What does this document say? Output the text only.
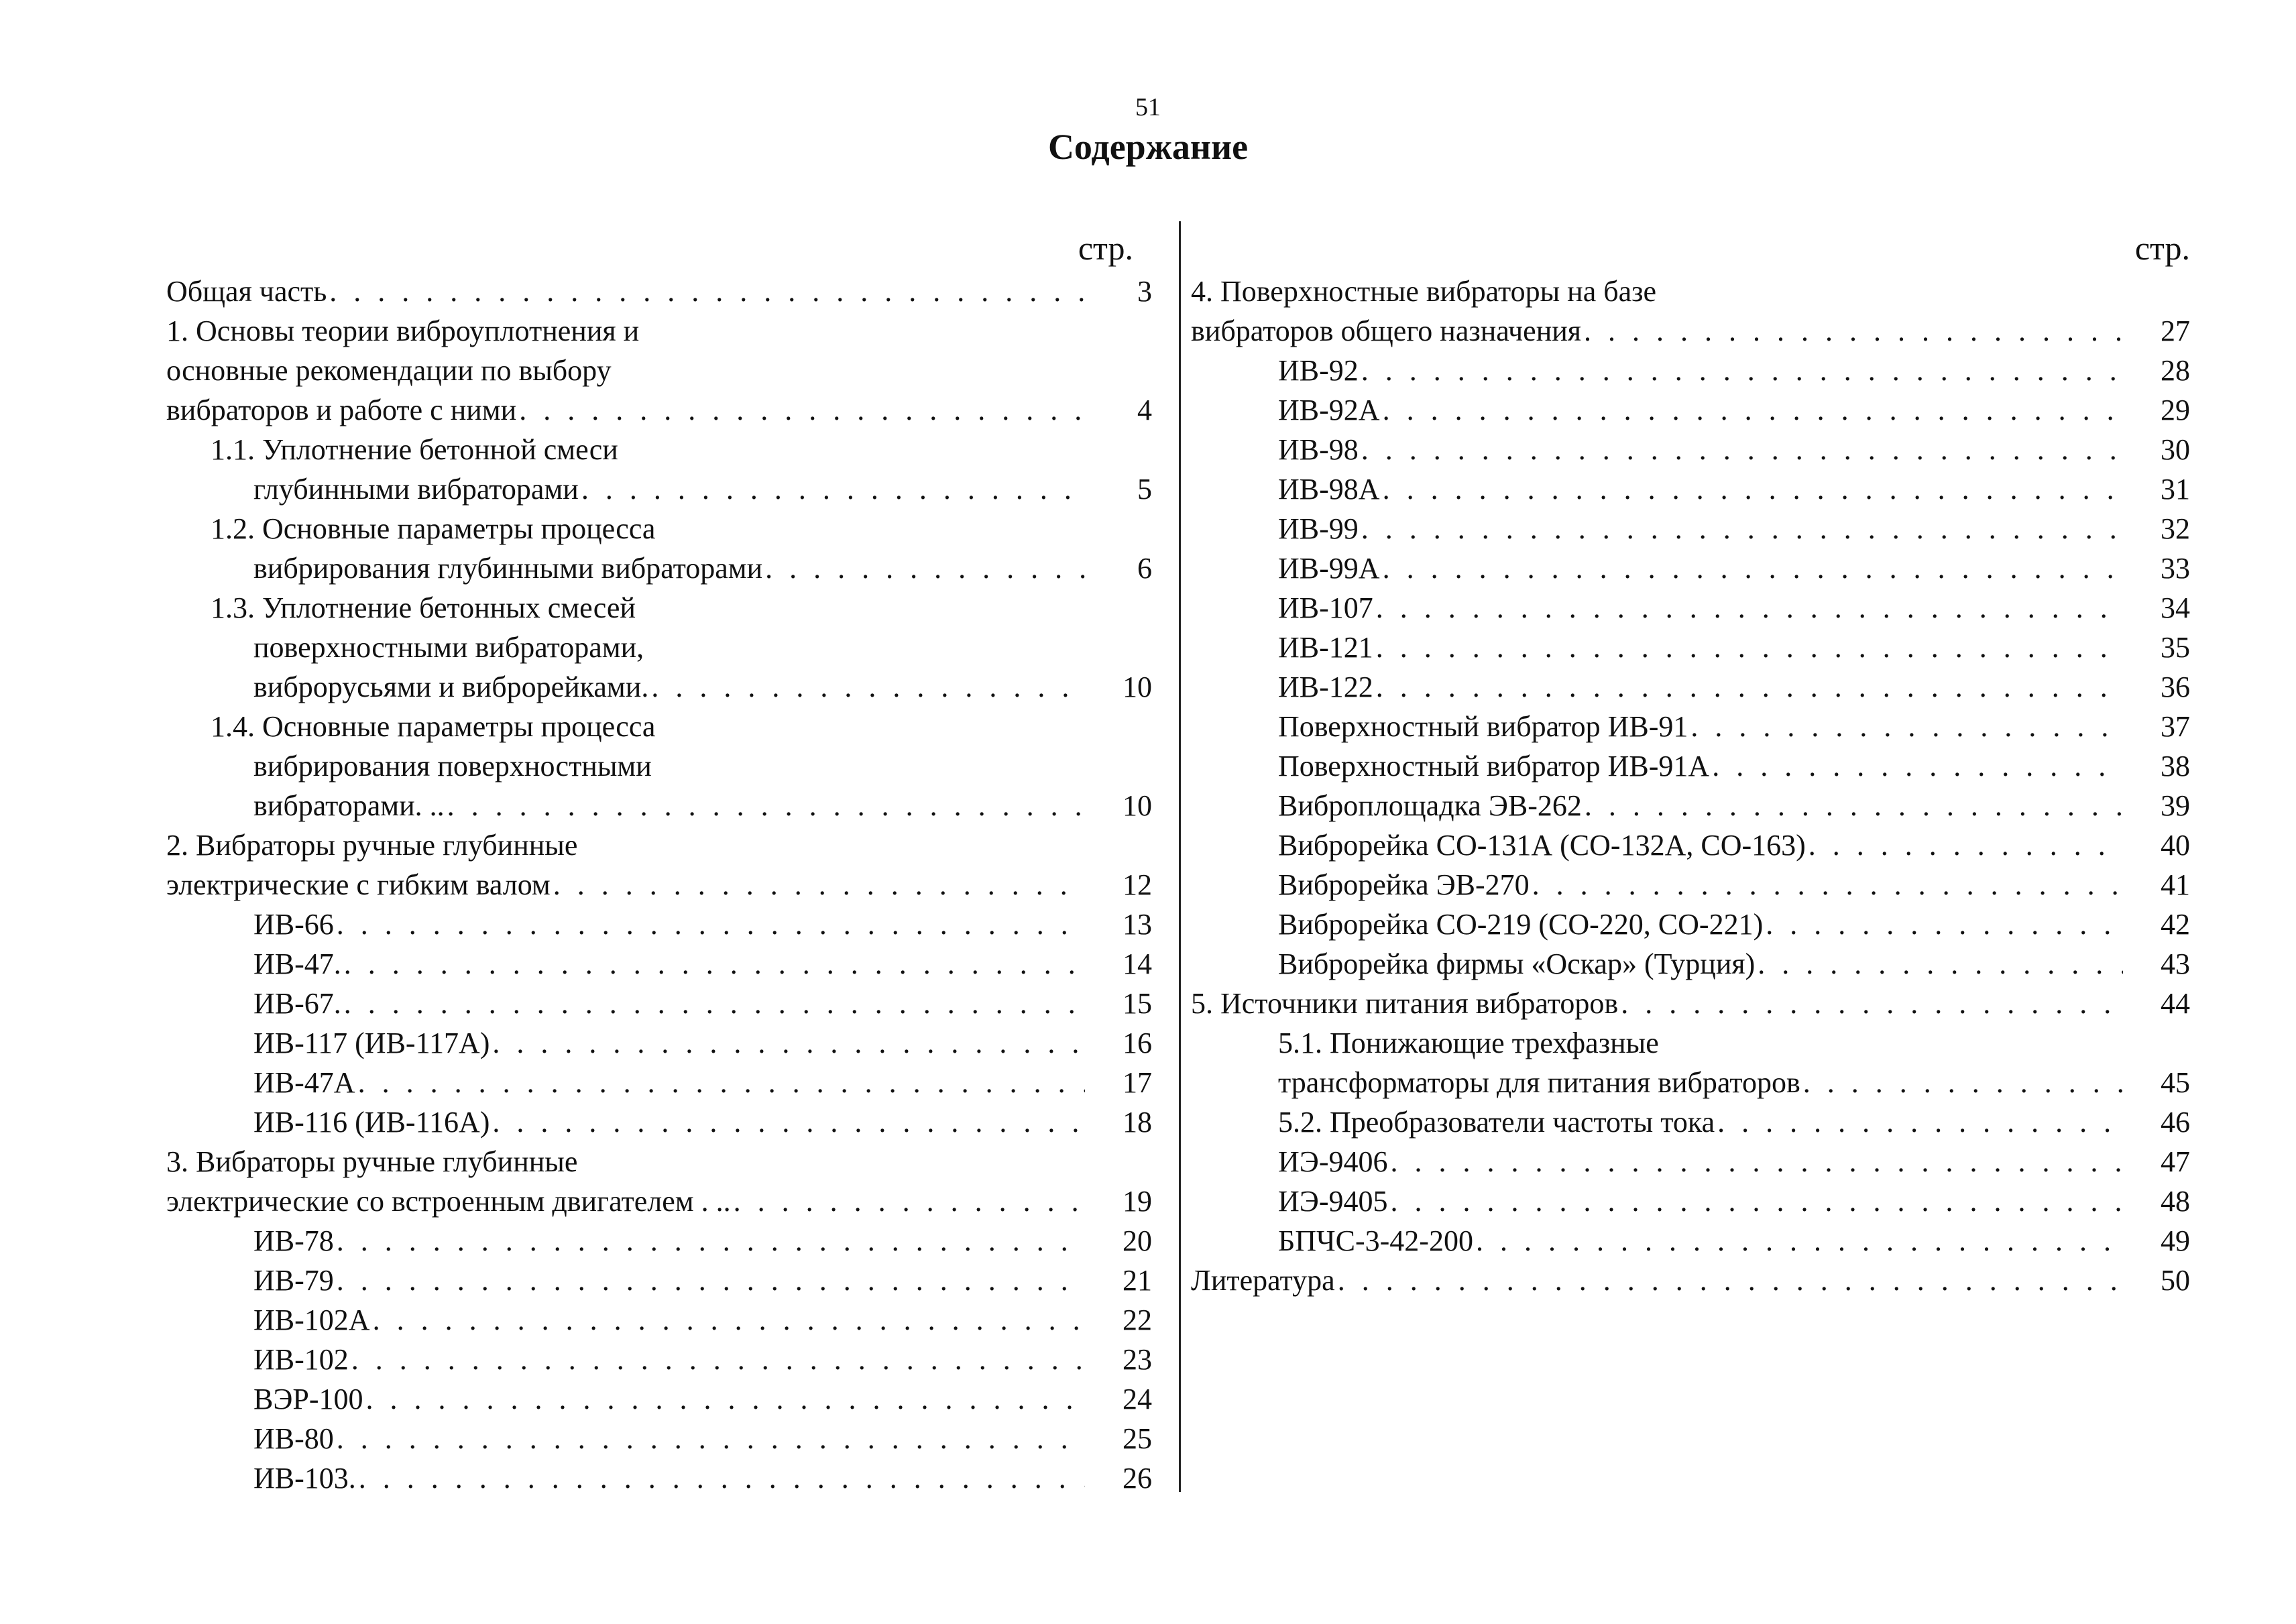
51
Содержание
стр.
Общая часть . . .	3
1. Основы теории виброуплотнения и
основные рекомендации по выбору
вибраторов и работе с ними . . .	4
1.1. Уплотнение бетонной смеси
глубинными вибраторами . . .	5
1.2. Основные параметры процесса
вибрирования глубинными вибраторами . . .	6
1.3. Уплотнение бетонных смесей
поверхностными вибраторами,
виброрусьями и виброрейками. . . .	10
1.4. Основные параметры процесса
вибрирования поверхностными
вибраторами. .. . . .	10
2. Вибраторы ручные глубинные
электрические с гибким валом . . .	12
ИВ-66 . . .	13
ИВ-47. . . .	14
ИВ-67. . . .	15
ИВ-117 (ИВ-117А) . . .	16
ИВ-47А . . .	17
ИВ-116 (ИВ-116А) . . .	18
3. Вибраторы ручные глубинные
электрические со встроенным двигателем . .. . . .	19
ИВ-78 . . .	20
ИВ-79 . . .	21
ИВ-102А . . .	22
ИВ-102 . . .	23
ВЭР-100 . . .	24
ИВ-80 . . .	25
ИВ-103. . . .	26
стр.
4. Поверхностные вибраторы на базе
вибраторов общего назначения . . .	27
ИВ-92 . . .	28
ИВ-92А . . .	29
ИВ-98 . . .	30
ИВ-98А . . .	31
ИВ-99 . . .	32
ИВ-99А . . .	33
ИВ-107 . . .	34
ИВ-121 . . .	35
ИВ-122 . . .	36
Поверхностный вибратор ИВ-91 . . .	37
Поверхностный вибратор ИВ-91А . . .	38
Виброплощадка ЭВ-262 . . .	39
Виброрейка СО-131А (СО-132А, СО-163) . . .	40
Виброрейка ЭВ-270 . . .	41
Виброрейка СО-219 (СО-220, СО-221) . . .	42
Виброрейка фирмы «Оскар» (Турция) . . .	43
5. Источники питания вибраторов . . .	44
5.1. Понижающие трехфазные
трансформаторы для питания вибраторов . . .	45
5.2. Преобразователи частоты тока . . .	46
ИЭ-9406 . . .	47
ИЭ-9405 . . .	48
БПЧС-3-42-200 . . .	49
Литература . . .	50
